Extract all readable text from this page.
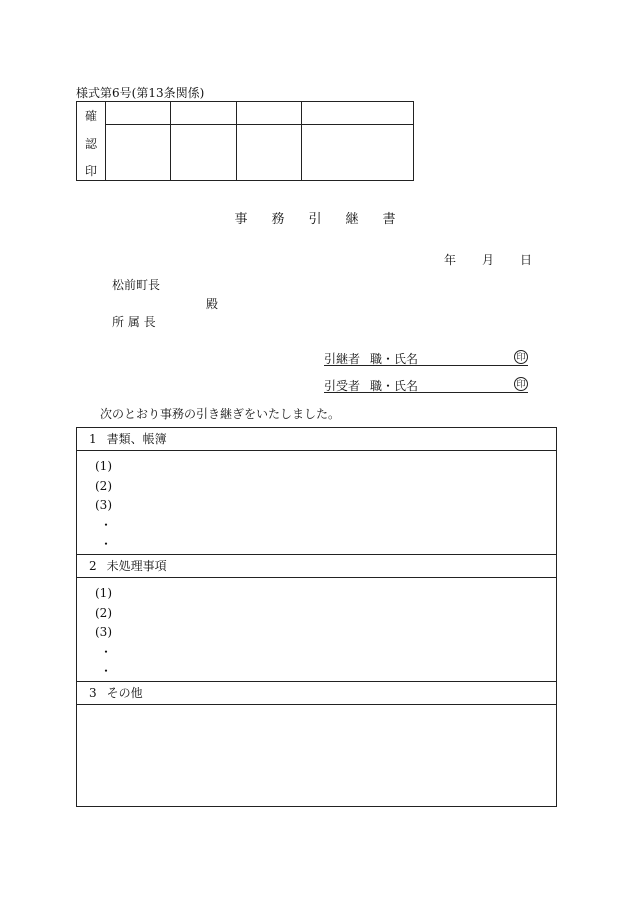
様式第6号(第13条関係)
確
認
印
事 務 引 継 書
年 月 日
松前町長
殿
所 属 長
引継者 職・氏名	印
引受者 職・氏名	印
次のとおり事務の引き継ぎをいたしました。
1 書類、帳簿
(1)
(2)
(3)
・
・
2 未処理事項
(1)
(2)
(3)
・
・
3 その他
